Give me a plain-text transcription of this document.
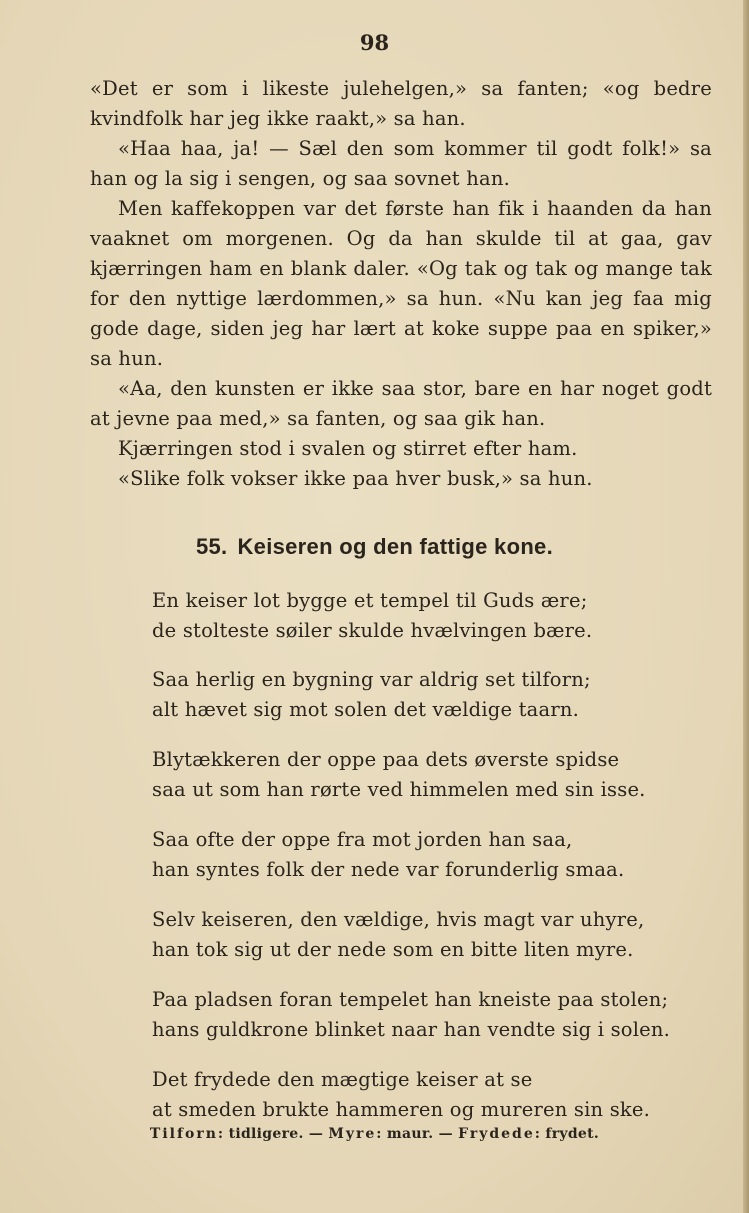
98

«Det er som i likeste julehelgen,» sa fanten; «og bedre kvindfolk har jeg ikke raakt,» sa han.

«Haa haa, ja! — Sæl den som kommer til godt folk!» sa han og la sig i sengen, og saa sovnet han.

Men kaffekoppen var det første han fik i haanden da han vaaknet om morgenen. Og da han skulde til at gaa, gav kjærringen ham en blank daler. «Og tak og tak og mange tak for den nyttige lærdommen,» sa hun. «Nu kan jeg faa mig gode dage, siden jeg har lært at koke suppe paa en spiker,» sa hun.

«Aa, den kunsten er ikke saa stor, bare en har noget godt at jevne paa med,» sa fanten, og saa gik han.

Kjærringen stod i svalen og stirret efter ham.

«Slike folk vokser ikke paa hver busk,» sa hun.

55. Keiseren og den fattige kone.
En keiser lot bygge et tempel til Guds ære;
de stolteste søiler skulde hvælvingen bære.
Saa herlig en bygning var aldrig set tilforn;
alt hævet sig mot solen det vældige taarn.
Blytækkeren der oppe paa dets øverste spidse
saa ut som han rørte ved himmelen med sin isse.
Saa ofte der oppe fra mot jorden han saa,
han syntes folk der nede var forunderlig smaa.
Selv keiseren, den vældige, hvis magt var uhyre,
han tok sig ut der nede som en bitte liten myre.
Paa pladsen foran tempelet han kneiste paa stolen;
hans guldkrone blinket naar han vendte sig i solen.
Det frydede den mægtige keiser at se
at smeden brukte hammeren og mureren sin ske.
Tilforn: tidligere. — Myre: maur. — Frydede: frydet.
